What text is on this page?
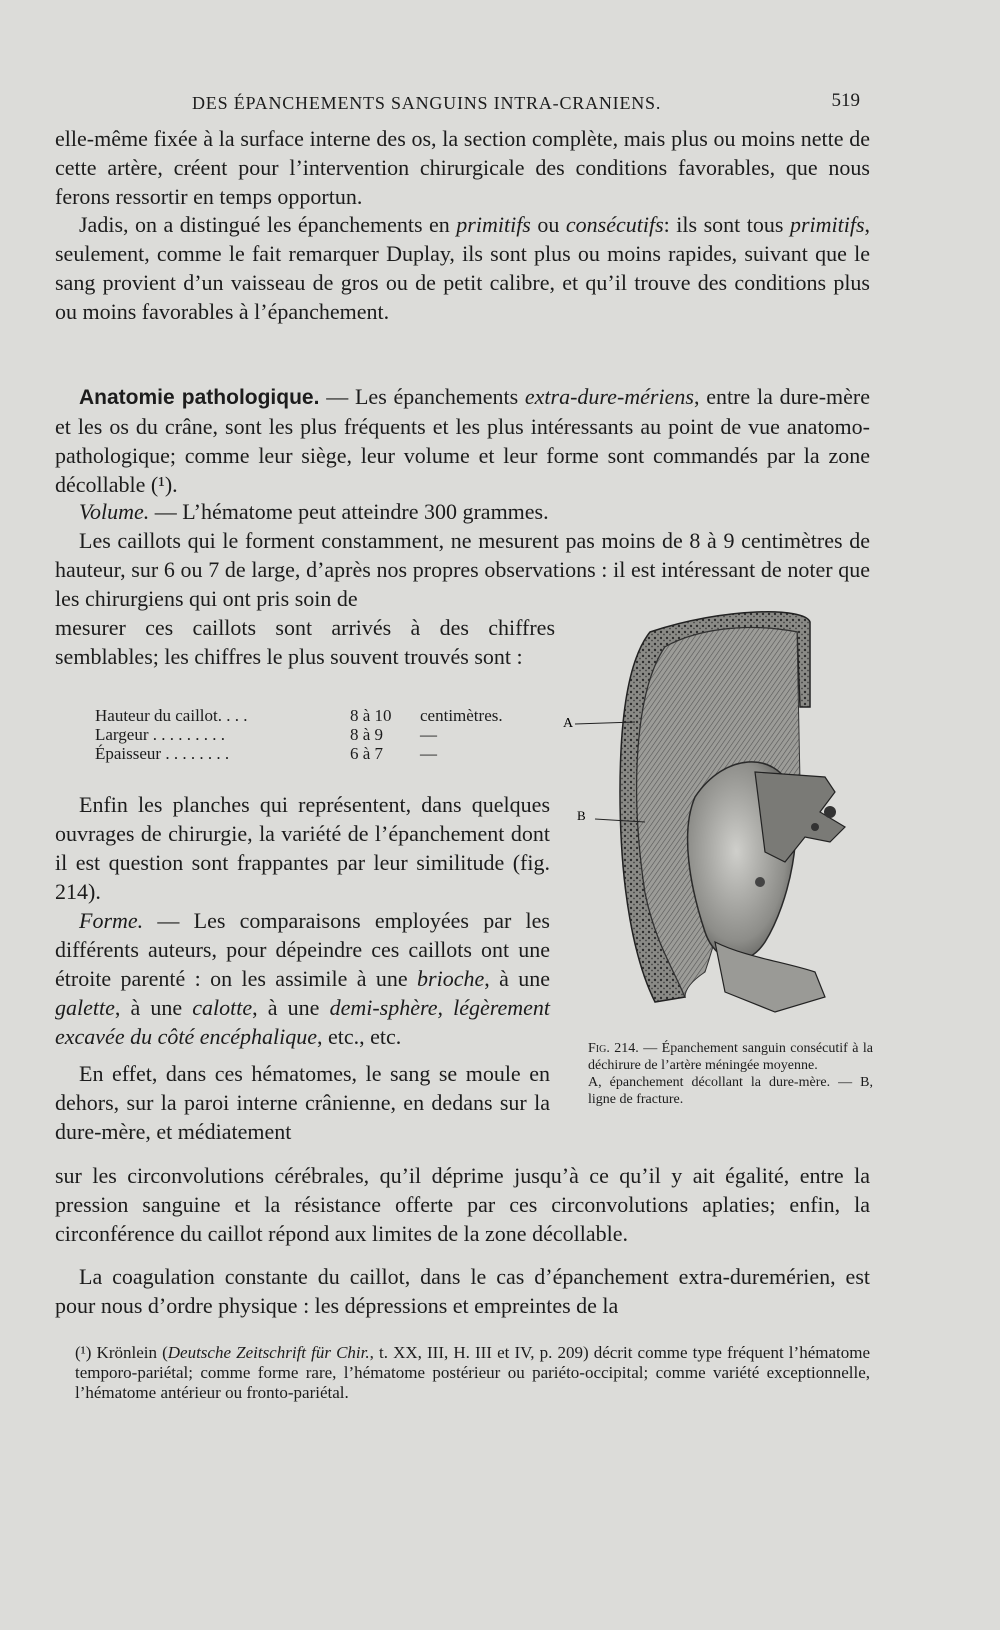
DES ÉPANCHEMENTS SANGUINS INTRA-CRANIENS.	519
elle-même fixée à la surface interne des os, la section complète, mais plus ou moins nette de cette artère, créent pour l’intervention chirurgicale des conditions favorables, que nous ferons ressortir en temps opportun.
Jadis, on a distingué les épanchements en primitifs ou consécutifs: ils sont tous primitifs, seulement, comme le fait remarquer Duplay, ils sont plus ou moins rapides, suivant que le sang provient d’un vaisseau de gros ou de petit calibre, et qu’il trouve des conditions plus ou moins favorables à l’épanchement.
Anatomie pathologique. — Les épanchements extra-dure-mériens, entre la dure-mère et les os du crâne, sont les plus fréquents et les plus intéressants au point de vue anatomo-pathologique; comme leur siège, leur volume et leur forme sont commandés par la zone décollable (¹).
Volume. — L’hématome peut atteindre 300 grammes.
Les caillots qui le forment constamment, ne mesurent pas moins de 8 à 9 centimètres de hauteur, sur 6 ou 7 de large, d’après nos propres observations : il est intéressant de noter que les chirurgiens qui ont pris soin de
mesurer ces caillots sont arrivés à des chiffres semblables; les chiffres le plus souvent trouvés sont :
Hauteur du caillot. . . .	8 à 10	centimètres.
Largeur . . . . . . . . .	8 à 9	—
Épaisseur . . . . . . . .	6 à 7	—
Enfin les planches qui représentent, dans quelques ouvrages de chirurgie, la variété de l’épanchement dont il est question sont frappantes par leur similitude (fig. 214).
Forme. — Les comparaisons employées par les différents auteurs, pour dépeindre ces caillots ont une étroite parenté : on les assimile à une brioche, à une galette, à une calotte, à une demi-sphère, légèrement excavée du côté encéphalique, etc., etc.
En effet, dans ces hématomes, le sang se moule en dehors, sur la paroi interne crânienne, en dedans sur la dure-mère, et médiatement
sur les circonvolutions cérébrales, qu’il déprime jusqu’à ce qu’il y ait égalité, entre la pression sanguine et la résistance offerte par ces circonvolutions aplaties; enfin, la circonférence du caillot répond aux limites de la zone décollable.
La coagulation constante du caillot, dans le cas d’épanchement extra-duremérien, est pour nous d’ordre physique : les dépressions et empreintes de la
A
B
Fig. 214. — Épanchement sanguin consécutif à la déchirure de l’artère méningée moyenne.
A, épanchement décollant la dure-mère. — B, ligne de fracture.
(¹) Krönlein (Deutsche Zeitschrift für Chir., t. XX, III, H. III et IV, p. 209) décrit comme type fréquent l’hématome temporo-pariétal; comme forme rare, l’hématome postérieur ou pariéto-occipital; comme variété exceptionnelle, l’hématome antérieur ou fronto-pariétal.
